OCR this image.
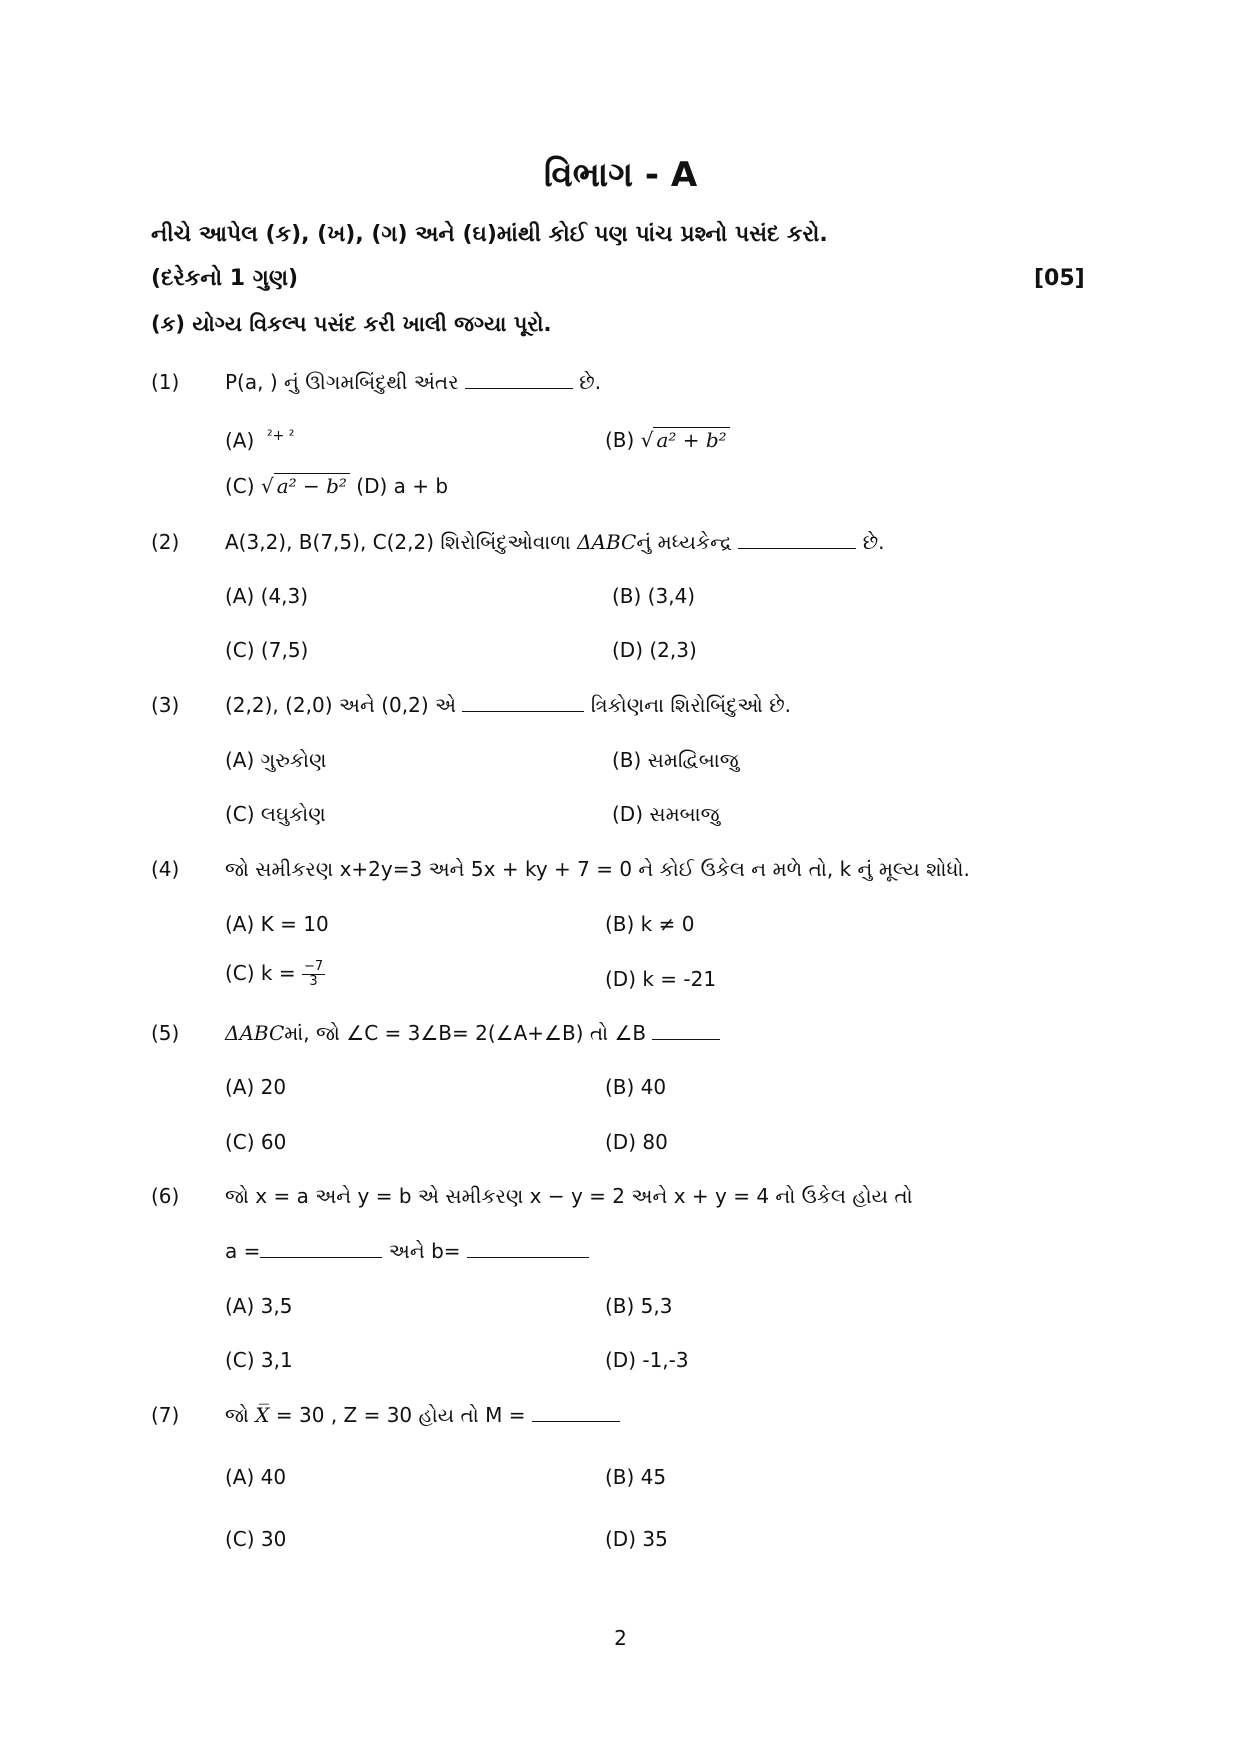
વિભાગ - A
નીચે આપેલ (ક), (ખ), (ગ) અને (ઘ)માંથી કોઈ પણ પાંચ પ્રશ્નો પસંદ કરો.
(દરેકનો 1 ગુણ)	[05]
(ક) યોગ્ય વિકલ્પ પસંદ કરી ખાલી જગ્યા પૂરો.
(1) P(a, ) નું ઊગમબિંદુથી અંતર	છે.
(A) $^{^2+ ^2}$	(B) √ a² + b²
(C) √ a² − b² (D) a + b
(2) A(3,2), B(7,5), C(2,2) શિરોબિંદુઓવાળા ΔABCનું મધ્યકેન્દ્ર	છે.
(A) (4,3)	(B) (3,4)
(C) (7,5)	(D) (2,3)
(3) (2,2), (2,0) અને (0,2) એ	ત્રિકોણના શિરોબિંદુઓ છે.
(A) ગુરુકોણ	(B) સમદ્વિબાજુ
(C) લઘુકોણ	(D) સમબાજુ
(4) જો સમીકરણ x+2y=3 અને 5x + ky + 7 = 0 ને કોઈ ઉકેલ ન મળે તો, k નું મૂલ્ય શોધો.
(A) K = 10	(B) k ≠ 0
(C) $k = \frac{-7}{3}$	(D) k = -21
(5) ΔABCમાં, જો ∠C = 3∠B= 2(∠A+∠B) તો ∠B
(A) 20	(B) 40
(C) 60	(D) 80
(6) જો x = a અને y = b એ સમીકરણ x − y = 2 અને x + y = 4 નો ઉકેલ હોય તો
a =	અને b=
(A) 3,5	(B) 5,3
(C) 3,1	(D) -1,-3
(7) જો X̅ = 30 , Z = 30 હોય તો M =
(A) 40	(B) 45
(C) 30	(D) 35
2
